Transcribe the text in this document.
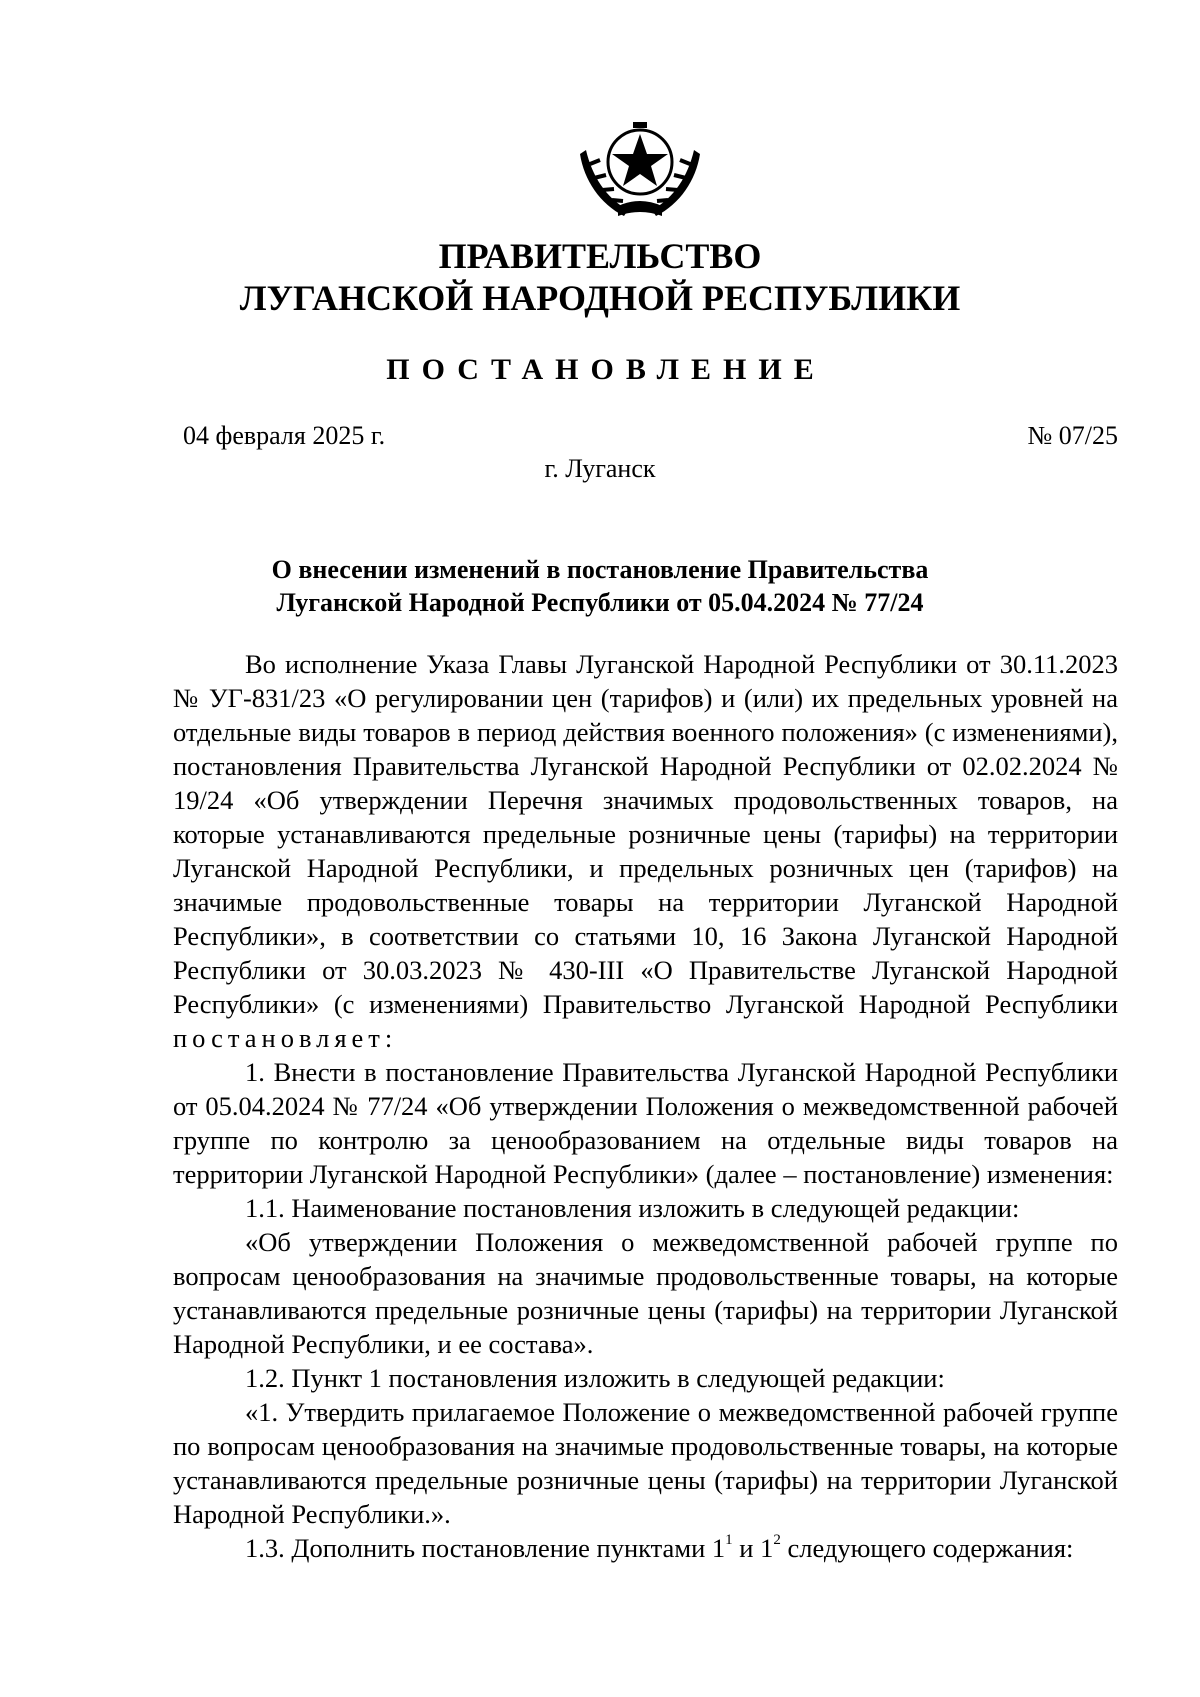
ПРАВИТЕЛЬСТВО
ЛУГАНСКОЙ НАРОДНОЙ РЕСПУБЛИКИ
ПОСТАНОВЛЕНИЕ
04 февраля 2025 г.	№ 07/25
г. Луганск
О внесении изменений в постановление Правительства
Луганской Народной Республики от 05.04.2024 № 77/24

Во исполнение Указа Главы Луганской Народной Республики от 30.11.2023 № УГ-831/23 «О регулировании цен (тарифов) и (или) их предельных уровней на отдельные виды товаров в период действия военного положения» (с изменениями), постановления Правительства Луганской Народной Республики от 02.02.2024 № 19/24 «Об утверждении Перечня значимых продовольственных товаров, на которые устанавливаются предельные розничные цены (тарифы) на территории Луганской Народной Республики, и предельных розничных цен (тарифов) на значимые продовольственные товары на территории Луганской Народной Республики», в соответствии со статьями 10, 16 Закона Луганской Народной Республики от 30.03.2023 № 430-III «О Правительстве Луганской Народной Республики» (с изменениями) Правительство Луганской Народной Республики постановляет:

1. Внести в постановление Правительства Луганской Народной Республики от 05.04.2024 № 77/24 «Об утверждении Положения о межведомственной рабочей группе по контролю за ценообразованием на отдельные виды товаров на территории Луганской Народной Республики» (далее – постановление) изменения:

1.1. Наименование постановления изложить в следующей редакции:

«Об утверждении Положения о межведомственной рабочей группе по вопросам ценообразования на значимые продовольственные товары, на которые устанавливаются предельные розничные цены (тарифы) на территории Луганской Народной Республики, и ее состава».

1.2. Пункт 1 постановления изложить в следующей редакции:

«1. Утвердить прилагаемое Положение о межведомственной рабочей группе по вопросам ценообразования на значимые продовольственные товары, на которые устанавливаются предельные розничные цены (тарифы) на территории Луганской Народной Республики.».

1.3. Дополнить постановление пунктами $1^1$ и $1^2$ следующего содержания:
